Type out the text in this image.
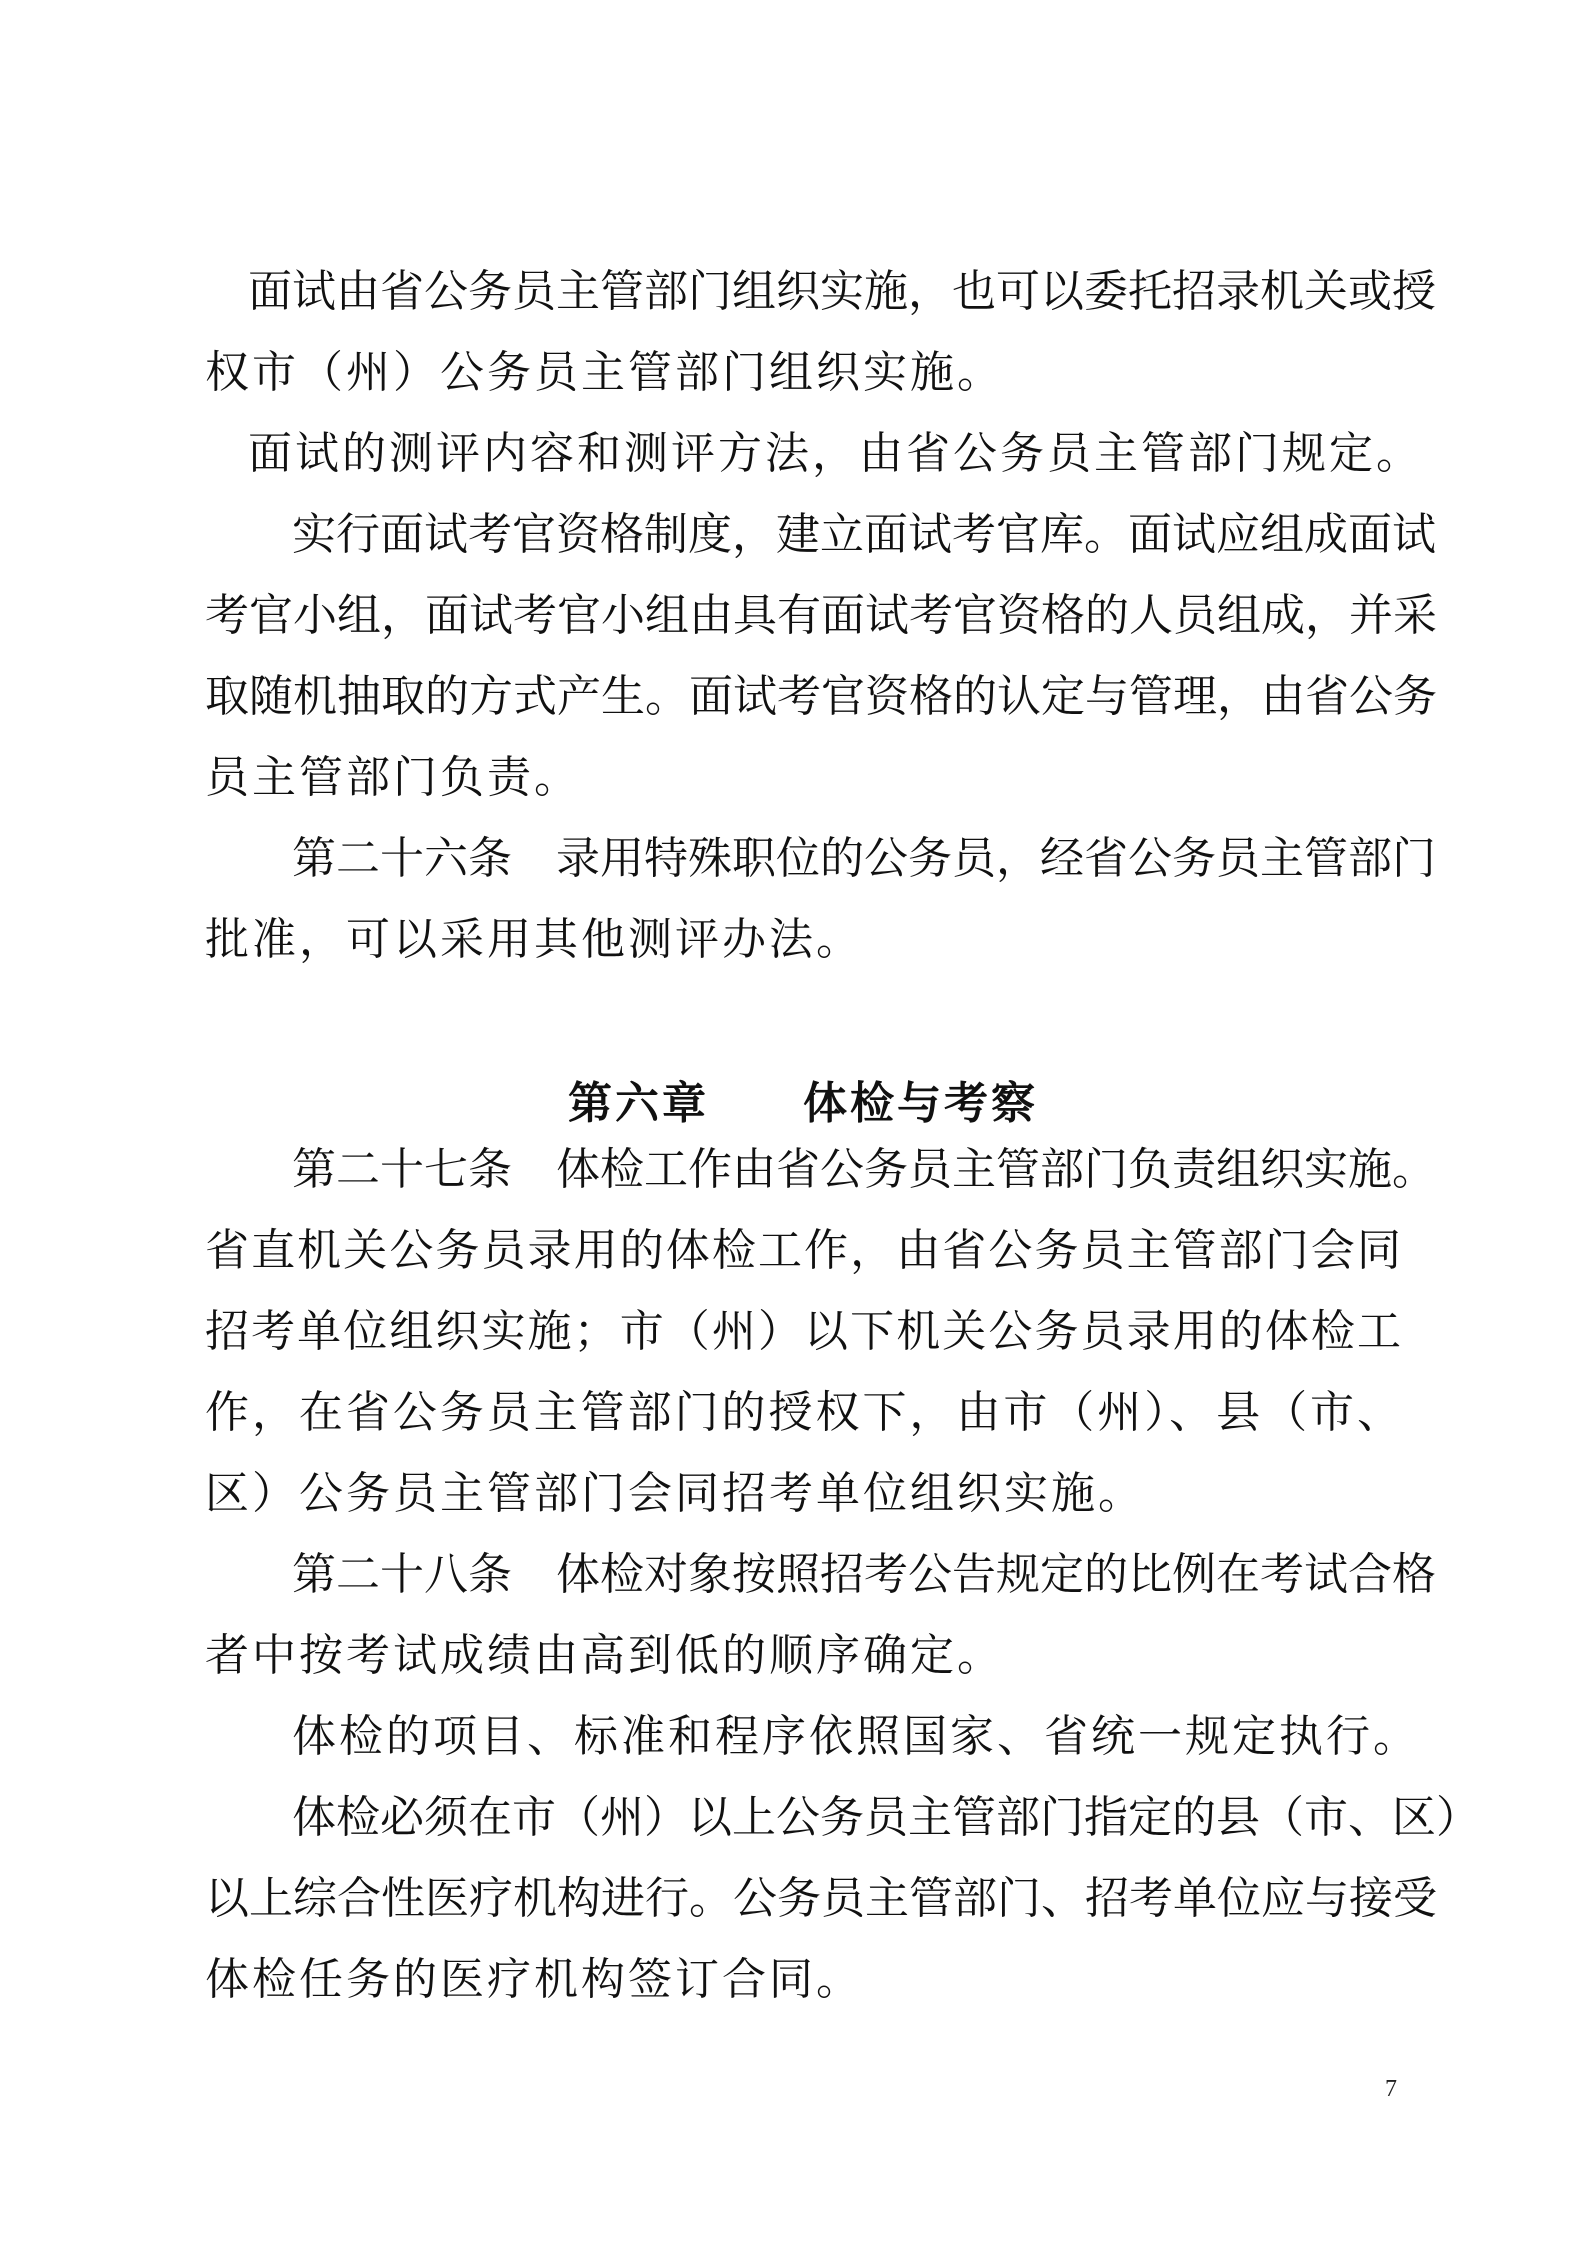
面试由省公务员主管部门组织实施，也可以委托招录机关或授
权市（州）公务员主管部门组织实施。
面试的测评内容和测评方法，由省公务员主管部门规定。
实行面试考官资格制度，建立面试考官库。面试应组成面试
考官小组，面试考官小组由具有面试考官资格的人员组成，并采
取随机抽取的方式产生。面试考官资格的认定与管理，由省公务
员主管部门负责。
第二十六条　录用特殊职位的公务员，经省公务员主管部门
批准，可以采用其他测评办法。
第二十七条　体检工作由省公务员主管部门负责组织实施。
省直机关公务员录用的体检工作，由省公务员主管部门会同
招考单位组织实施；市（州）以下机关公务员录用的体检工
作，在省公务员主管部门的授权下，由市（州）、县（市、
区）公务员主管部门会同招考单位组织实施。
第二十八条　体检对象按照招考公告规定的比例在考试合格
者中按考试成绩由高到低的顺序确定。
体检的项目、标准和程序依照国家、省统一规定执行。
体检必须在市（州）以上公务员主管部门指定的县（市、区）
以上综合性医疗机构进行。公务员主管部门、招考单位应与接受
体检任务的医疗机构签订合同。
第六章　　体检与考察
7
